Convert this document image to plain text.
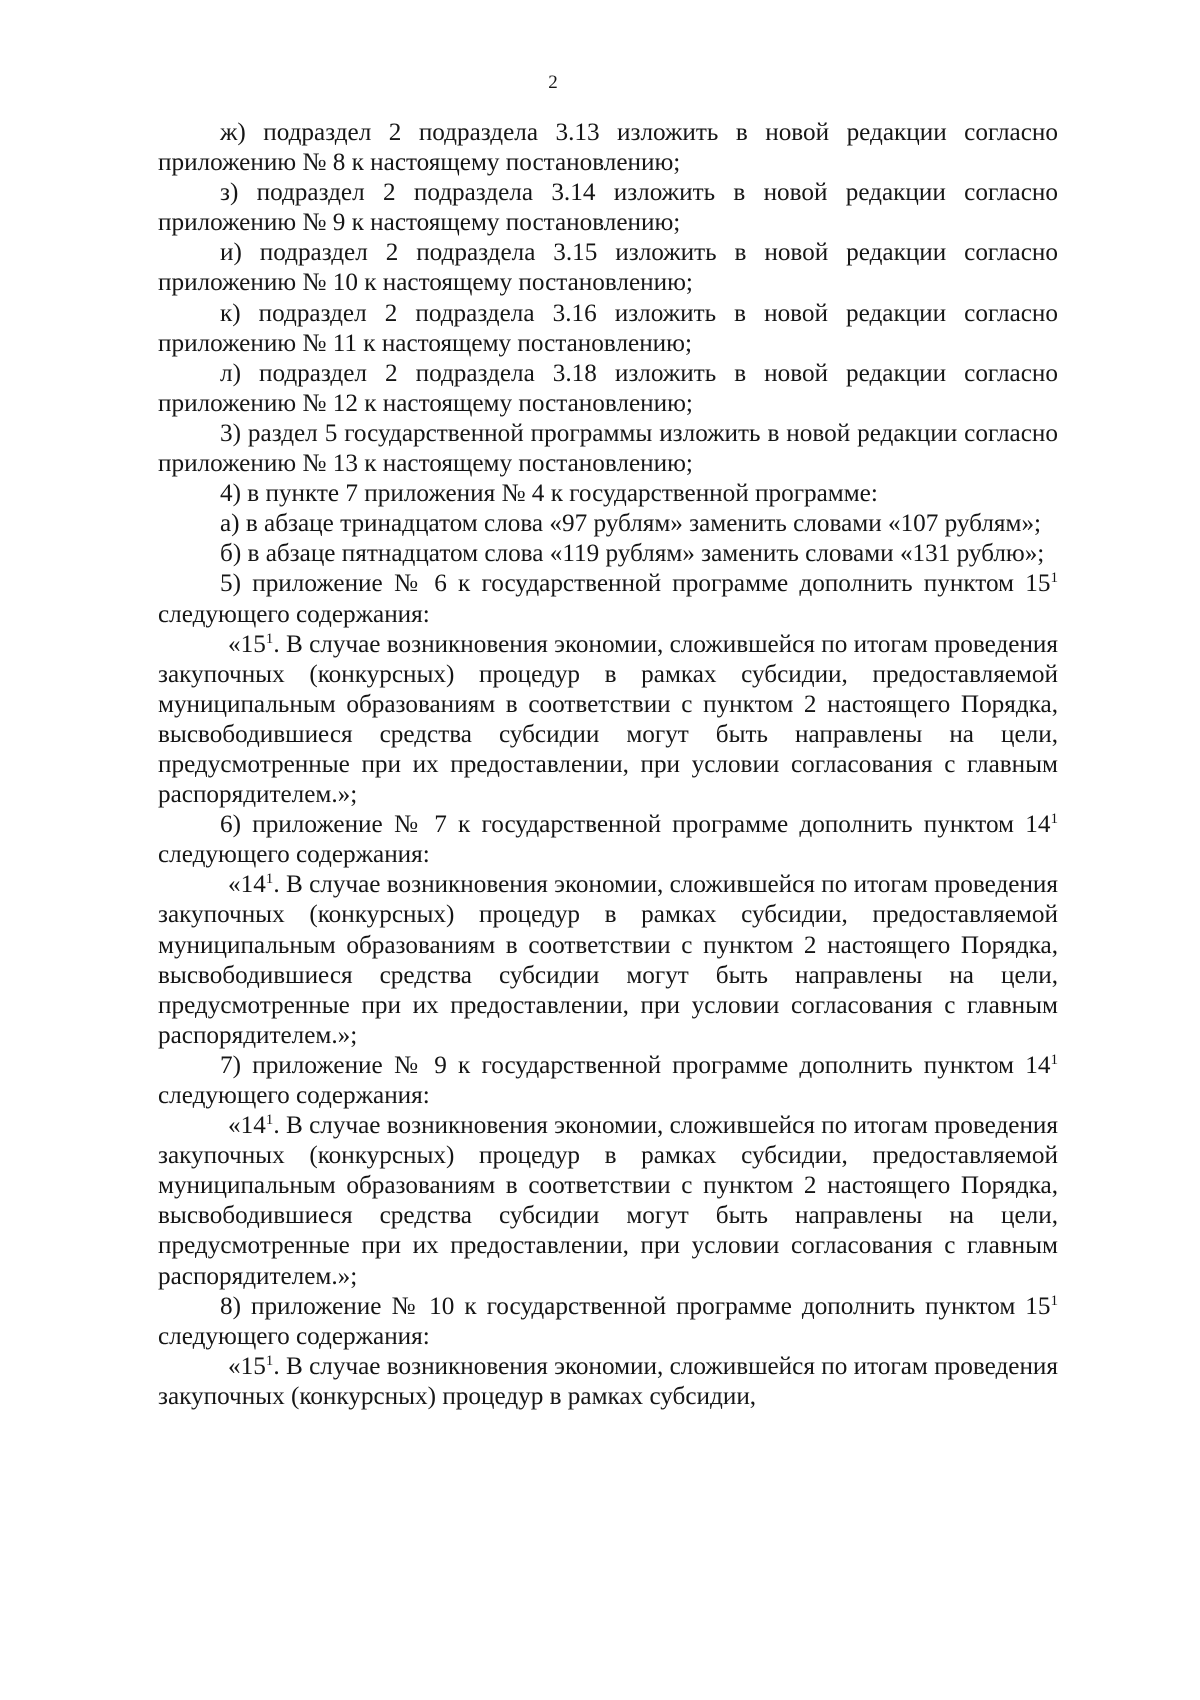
2

ж) подраздел 2 подраздела 3.13 изложить в новой редакции согласно приложению № 8 к настоящему постановлению;

з) подраздел 2 подраздела 3.14 изложить в новой редакции согласно приложению № 9 к настоящему постановлению;

и) подраздел 2 подраздела 3.15 изложить в новой редакции согласно приложению № 10 к настоящему постановлению;

к) подраздел 2 подраздела 3.16 изложить в новой редакции согласно приложению № 11 к настоящему постановлению;

л) подраздел 2 подраздела 3.18 изложить в новой редакции согласно приложению № 12 к настоящему постановлению;

3) раздел 5 государственной программы изложить в новой редакции согласно приложению № 13 к настоящему постановлению;

4) в пункте 7 приложения № 4 к государственной программе:

а) в абзаце тринадцатом слова «97 рублям» заменить словами «107 рублям»;

б) в абзаце пятнадцатом слова «119 рублям» заменить словами «131 рублю»;

5) приложение № 6 к государственной программе дополнить пунктом $15^1$ следующего содержания:

«$15^1$. В случае возникновения экономии, сложившейся по итогам проведения закупочных (конкурсных) процедур в рамках субсидии, предоставляемой муниципальным образованиям в соответствии с пунктом 2 настоящего Порядка, высвободившиеся средства субсидии могут быть направлены на цели, предусмотренные при их предоставлении, при условии согласования с главным распорядителем.»;

6) приложение № 7 к государственной программе дополнить пунктом $14^1$ следующего содержания:

«$14^1$. В случае возникновения экономии, сложившейся по итогам проведения закупочных (конкурсных) процедур в рамках субсидии, предоставляемой муниципальным образованиям в соответствии с пунктом 2 настоящего Порядка, высвободившиеся средства субсидии могут быть направлены на цели, предусмотренные при их предоставлении, при условии согласования с главным распорядителем.»;

7) приложение № 9 к государственной программе дополнить пунктом $14^1$ следующего содержания:

«$14^1$. В случае возникновения экономии, сложившейся по итогам проведения закупочных (конкурсных) процедур в рамках субсидии, предоставляемой муниципальным образованиям в соответствии с пунктом 2 настоящего Порядка, высвободившиеся средства субсидии могут быть направлены на цели, предусмотренные при их предоставлении, при условии согласования с главным распорядителем.»;

8) приложение № 10 к государственной программе дополнить пунктом $15^1$ следующего содержания:

«$15^1$. В случае возникновения экономии, сложившейся по итогам проведения закупочных (конкурсных) процедур в рамках субсидии,
